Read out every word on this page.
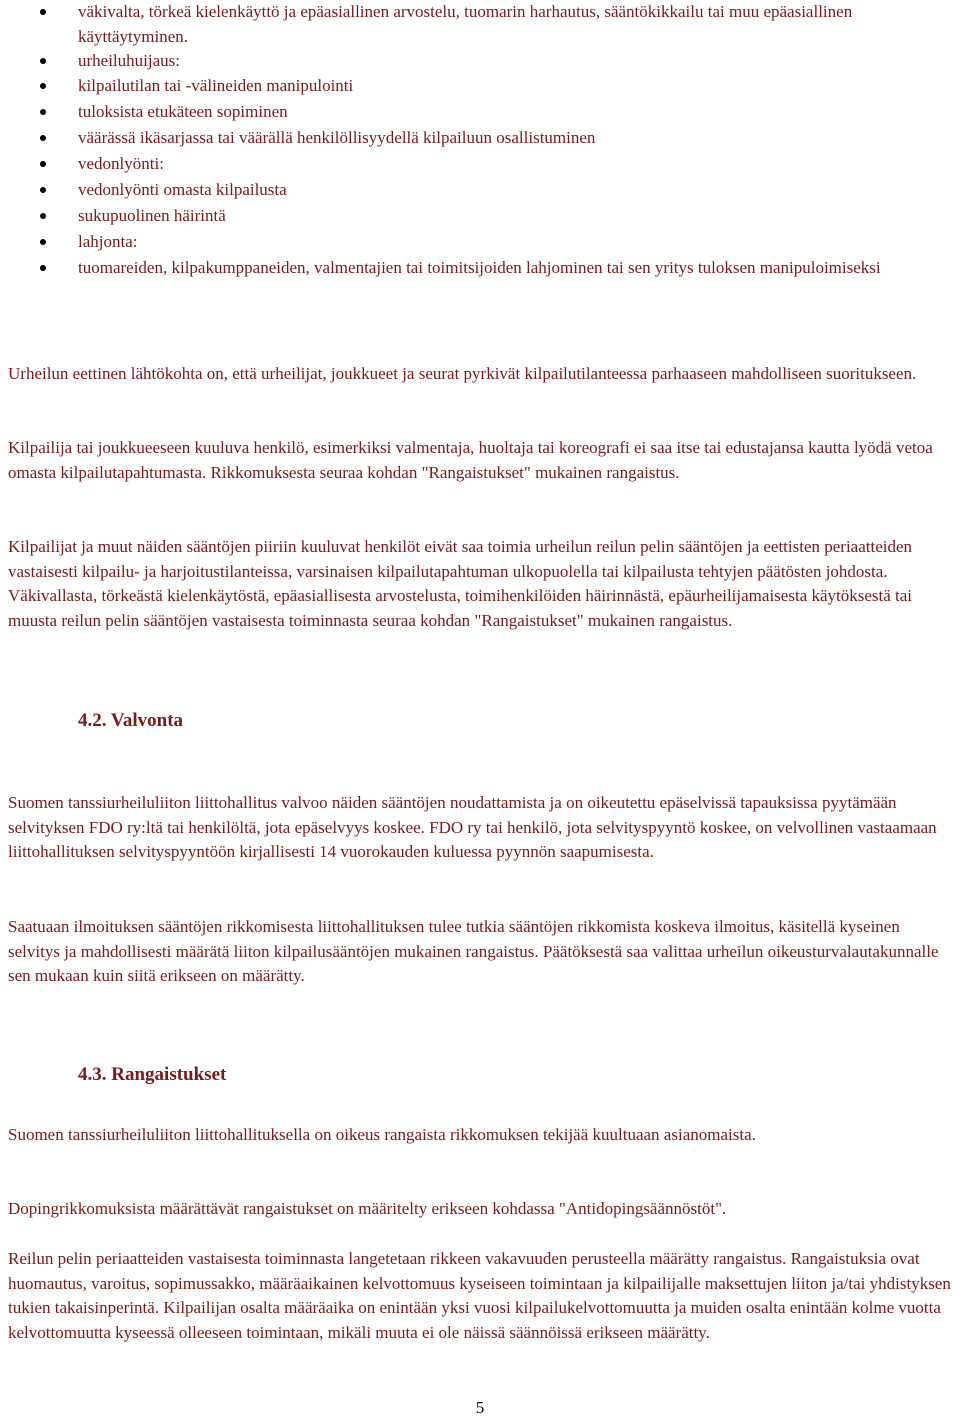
väkivalta, törkeä kielenkäyttö ja epäasiallinen arvostelu, tuomarin harhautus, sääntökikkailu tai muu epäasiallinen käyttäytyminen.
urheiluhuijaus:
kilpailutilan tai -välineiden manipulointi
tuloksista etukäteen sopiminen
väärässä ikäsarjassa tai väärällä henkilöllisyydellä kilpailuun osallistuminen
vedonlyönti:
vedonlyönti omasta kilpailusta
sukupuolinen häirintä
lahjonta:
tuomareiden, kilpakumppaneiden, valmentajien tai toimitsijoiden lahjominen tai sen yritys tuloksen manipuloimiseksi

Urheilun eettinen lähtökohta on, että urheilijat, joukkueet ja seurat pyrkivät kilpailutilanteessa parhaaseen mahdolliseen suoritukseen.

Kilpailija tai joukkueeseen kuuluva henkilö, esimerkiksi valmentaja, huoltaja tai koreografi ei saa itse tai edustajansa kautta lyödä vetoa omasta kilpailutapahtumasta. Rikkomuksesta seuraa kohdan "Rangaistukset" mukainen rangaistus.

Kilpailijat ja muut näiden sääntöjen piiriin kuuluvat henkilöt eivät saa toimia urheilun reilun pelin sääntöjen ja eettisten periaatteiden vastaisesti kilpailu- ja harjoitustilanteissa, varsinaisen kilpailutapahtuman ulkopuolella tai kilpailusta tehtyjen päätösten johdosta. Väkivallasta, törkeästä kielenkäytöstä, epäasiallisesta arvostelusta, toimihenkilöiden häirinnästä, epäurheilijamaisesta käytöksestä tai muusta reilun pelin sääntöjen vastaisesta toiminnasta seuraa kohdan "Rangaistukset" mukainen rangaistus.

4.2. Valvonta

Suomen tanssiurheiluliiton liittohallitus valvoo näiden sääntöjen noudattamista ja on oikeutettu epäselvissä tapauksissa pyytämään selvityksen FDO ry:ltä tai henkilöltä, jota epäselvyys koskee. FDO ry tai henkilö, jota selvityspyyntö koskee, on velvollinen vastaamaan liittohallituksen selvityspyyntöön kirjallisesti 14 vuorokauden kuluessa pyynnön saapumisesta.

Saatuaan ilmoituksen sääntöjen rikkomisesta liittohallituksen tulee tutkia sääntöjen rikkomista koskeva ilmoitus, käsitellä kyseinen selvitys ja mahdollisesti määrätä liiton kilpailusääntöjen mukainen rangaistus. Päätöksestä saa valittaa urheilun oikeusturvalautakunnalle sen mukaan kuin siitä erikseen on määrätty.

4.3. Rangaistukset

Suomen tanssiurheiluliiton liittohallituksella on oikeus rangaista rikkomuksen tekijää kuultuaan asianomaista.

Dopingrikkomuksista määrättävät rangaistukset on määritelty erikseen kohdassa "Antidopingsäännöstöt".

Reilun pelin periaatteiden vastaisesta toiminnasta langetetaan rikkeen vakavuuden perusteella määrätty rangaistus. Rangaistuksia ovat huomautus, varoitus, sopimussakko, määräaikainen kelvottomuus kyseiseen toimintaan ja kilpailijalle maksettujen liiton ja/tai yhdistyksen tukien takaisinperintä. Kilpailijan osalta määräaika on enintään yksi vuosi kilpailukelvottomuutta ja muiden osalta enintään kolme vuotta kelvottomuutta kyseessä olleeseen toimintaan, mikäli muuta ei ole näissä säännöissä erikseen määrätty.

5
